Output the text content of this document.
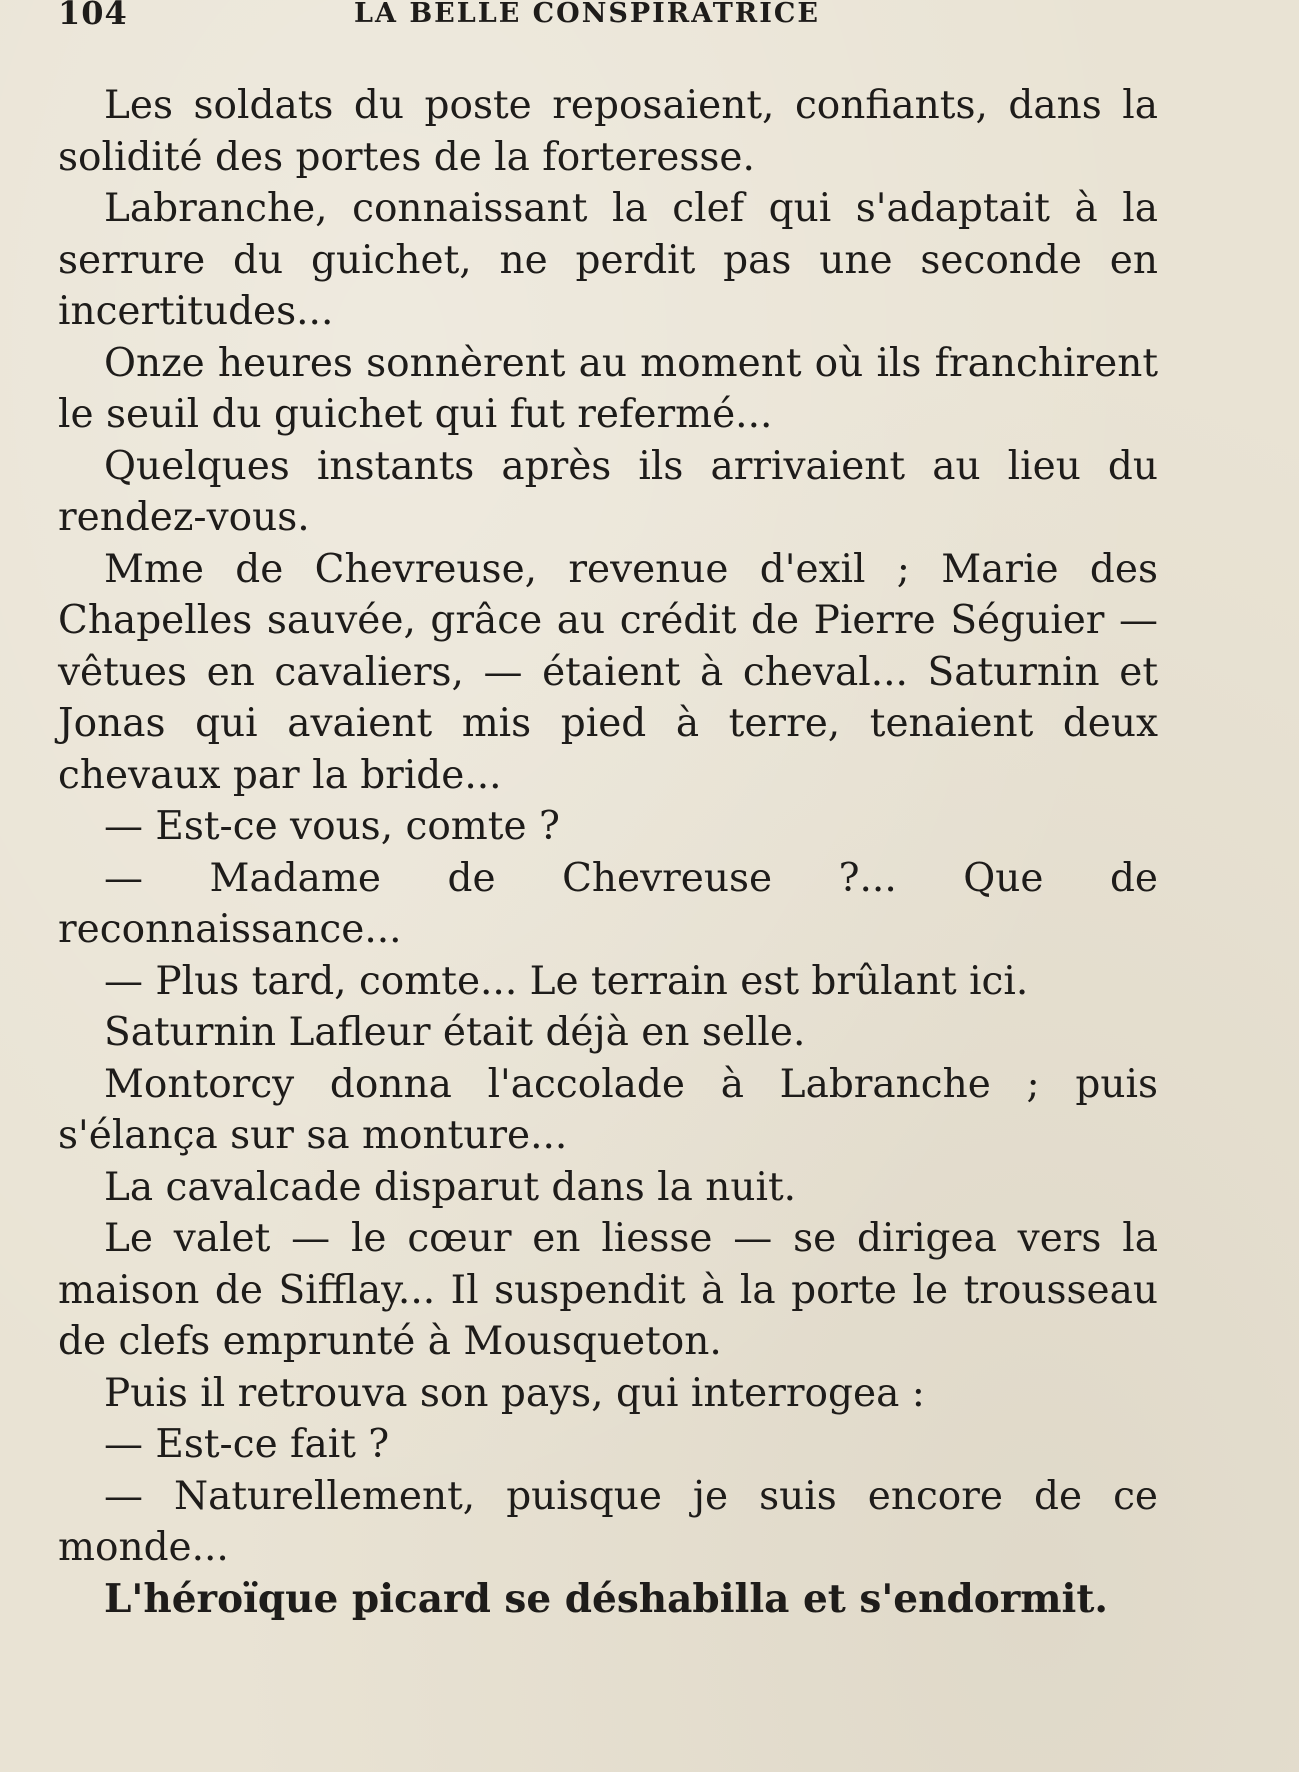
104	LA BELLE CONSPIRATRICE

Les soldats du poste reposaient, confiants, dans la solidité des portes de la forteresse.

Labranche, connaissant la clef qui s'adaptait à la serrure du guichet, ne perdit pas une seconde en incertitudes...

Onze heures sonnèrent au moment où ils franchirent le seuil du guichet qui fut refermé...

Quelques instants après ils arrivaient au lieu du rendez-vous.

Mme de Chevreuse, revenue d'exil ; Marie des Chapelles sauvée, grâce au crédit de Pierre Séguier — vêtues en cavaliers, — étaient à cheval... Saturnin et Jonas qui avaient mis pied à terre, tenaient deux chevaux par la bride...

— Est-ce vous, comte ?

— Madame de Chevreuse ?... Que de reconnaissance...

— Plus tard, comte... Le terrain est brûlant ici.

Saturnin Lafleur était déjà en selle.

Montorcy donna l'accolade à Labranche ; puis s'élança sur sa monture...

La cavalcade disparut dans la nuit.

Le valet — le cœur en liesse — se dirigea vers la maison de Sifflay... Il suspendit à la porte le trousseau de clefs emprunté à Mousqueton.

Puis il retrouva son pays, qui interrogea :

— Est-ce fait ?

— Naturellement, puisque je suis encore de ce monde...

L'héroïque picard se déshabilla et s'endormit.
